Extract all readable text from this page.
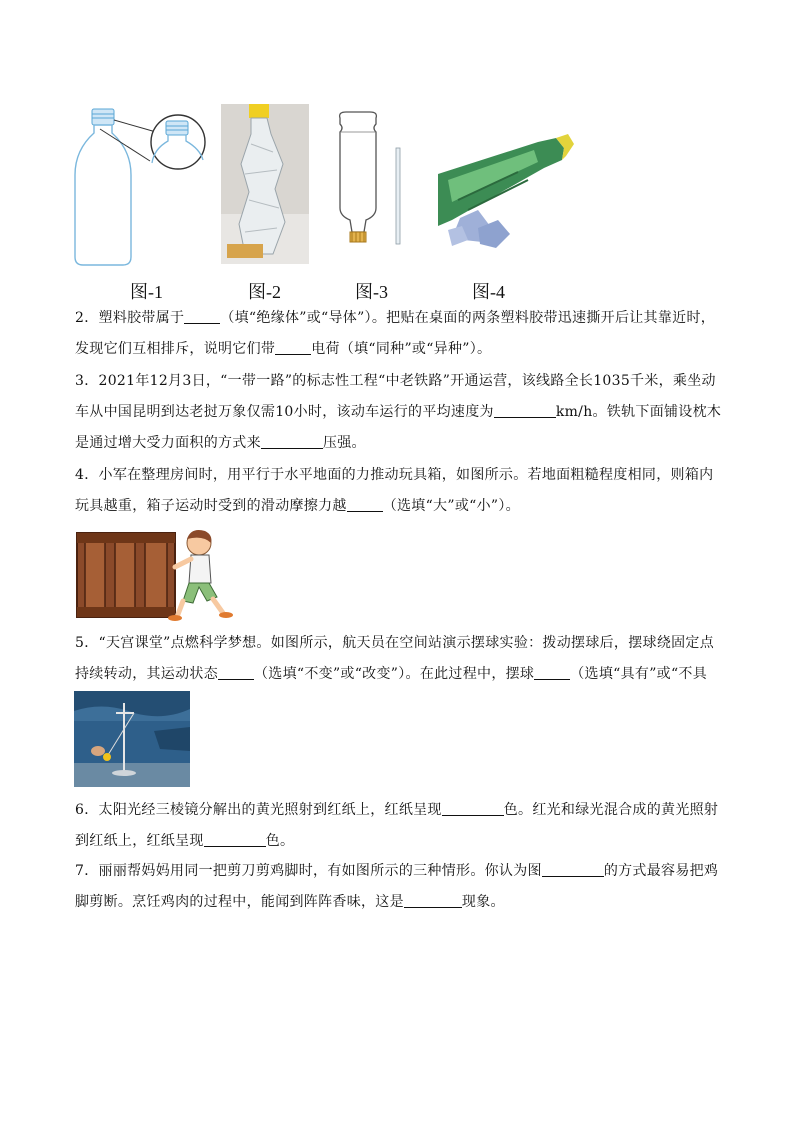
图-1	图-2	图-3	图-4
2．塑料胶带属于	（填“绝缘体”或“导体”）。把贴在桌面的两条塑料胶带迅速撕开后让其靠近时，发现它们互相排斥，说明它们带	电荷（填“同种”或“异种”）。
3．2021年12月3日，“一带一路”的标志性工程“中老铁路”开通运营，该线路全长1035千米，乘坐动车从中国昆明到达老挝万象仅需10小时，该动车运行的平均速度为	km/h。铁轨下面铺设枕木是通过增大受力面积的方式来	压强。
4．小军在整理房间时，用平行于水平地面的力推动玩具箱，如图所示。若地面粗糙程度相同，则箱内玩具越重，箱子运动时受到的滑动摩擦力越	（选填“大”或“小”）。
5．“天宫课堂”点燃科学梦想。如图所示，航天员在空间站演示摆球实验：拨动摆球后，摆球绕固定点持续转动，其运动状态	（选填“不变”或“改变”）。在此过程中，摆球	（选填“具有”或“不具
6．太阳光经三棱镜分解出的黄光照射到红纸上，红纸呈现	色。红光和绿光混合成的黄光照射到红纸上，红纸呈现	色。
7．丽丽帮妈妈用同一把剪刀剪鸡脚时，有如图所示的三种情形。你认为图	的方式最容易把鸡脚剪断。烹饪鸡肉的过程中，能闻到阵阵香味，这是	现象。
